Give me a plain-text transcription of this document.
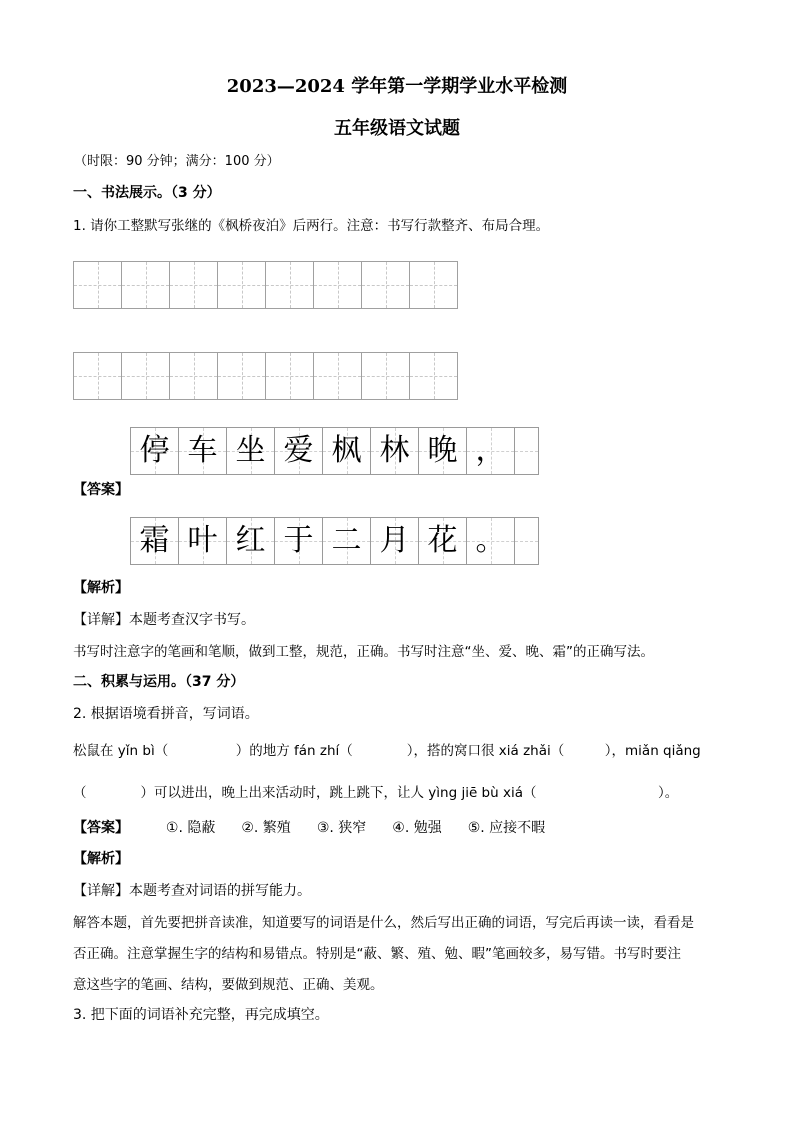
2023—2024 学年第一学期学业水平检测
五年级语文试题
（时限：90 分钟；满分：100 分）
一、书法展示。（3 分）
1. 请你工整默写张继的《枫桥夜泊》后两行。注意：书写行款整齐、布局合理。
停 车 坐 爱 枫 林 晚 ，
【答案】
霜 叶 红 于 二 月 花 。
【解析】
【详解】本题考查汉字书写。
书写时注意字的笔画和笔顺，做到工整，规范，正确。书写时注意“坐、爱、晚、霜”的正确写法。
二、积累与运用。（37 分）
2. 根据语境看拼音，写词语。
松鼠在 yǐn bì（　　　　　）的地方 fán zhí（　　　　），搭的窝口很 xiá zhǎi（　　　），miǎn qiǎng
（　　　　）可以进出，晚上出来活动时，跳上跳下，让人 yìng jiē bù xiá（　　　　　　　　　）。
【答案】	①. 隐蔽 ②. 繁殖 ③. 狭窄 ④. 勉强 ⑤. 应接不暇
【解析】
【详解】本题考查对词语的拼写能力。
解答本题，首先要把拼音读准，知道要写的词语是什么，然后写出正确的词语，写完后再读一读，看看是
否正确。注意掌握生字的结构和易错点。特别是“蔽、繁、殖、勉、暇”笔画较多，易写错。书写时要注
意这些字的笔画、结构，要做到规范、正确、美观。
3. 把下面的词语补充完整，再完成填空。
